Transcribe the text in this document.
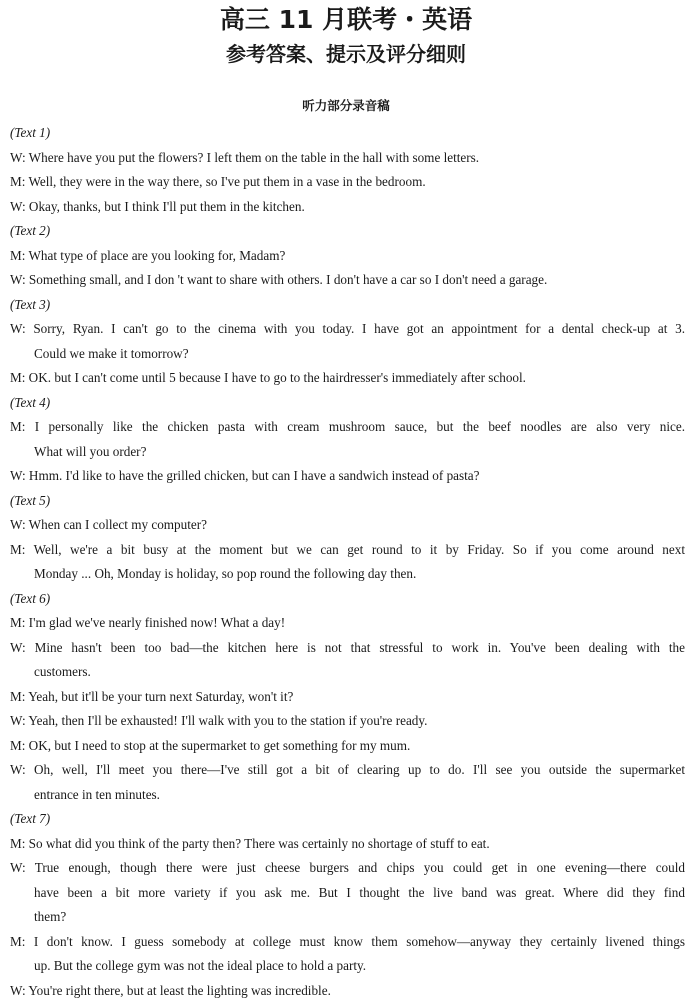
高三 11 月联考・英语
参考答案、提示及评分细则
听力部分录音稿
(Text 1)
W: Where have you put the flowers? I left them on the table in the hall with some letters.
M: Well, they were in the way there, so I've put them in a vase in the bedroom.
W: Okay, thanks, but I think I'll put them in the kitchen.
(Text 2)
M: What type of place are you looking for, Madam?
W: Something small, and I don 't want to share with others. I don't have a car so I don't need a garage.
(Text 3)
W: Sorry, Ryan. I can't go to the cinema with you today. I have got an appointment for a dental check-up at 3.
Could we make it tomorrow?
M: OK. but I can't come until 5 because I have to go to the hairdresser's immediately after school.
(Text 4)
M: I personally like the chicken pasta with cream mushroom sauce, but the beef noodles are also very nice.
What will you order?
W: Hmm. I'd like to have the grilled chicken, but can I have a sandwich instead of pasta?
(Text 5)
W: When can I collect my computer?
M: Well, we're a bit busy at the moment but we can get round to it by Friday. So if you come around next
Monday ... Oh, Monday is holiday, so pop round the following day then.
(Text 6)
M: I'm glad we've nearly finished now! What a day!
W: Mine hasn't been too bad—the kitchen here is not that stressful to work in. You've been dealing with the
customers.
M: Yeah, but it'll be your turn next Saturday, won't it?
W: Yeah, then I'll be exhausted! I'll walk with you to the station if you're ready.
M: OK, but I need to stop at the supermarket to get something for my mum.
W: Oh, well, I'll meet you there—I've still got a bit of clearing up to do. I'll see you outside the supermarket
entrance in ten minutes.
(Text 7)
M: So what did you think of the party then? There was certainly no shortage of stuff to eat.
W: True enough, though there were just cheese burgers and chips you could get in one evening—there could
have been a bit more variety if you ask me. But I thought the live band was great. Where did they find
them?
M: I don't know. I guess somebody at college must know them somehow—anyway they certainly livened things
up. But the college gym was not the ideal place to hold a party.
W: You're right there, but at least the lighting was incredible.
